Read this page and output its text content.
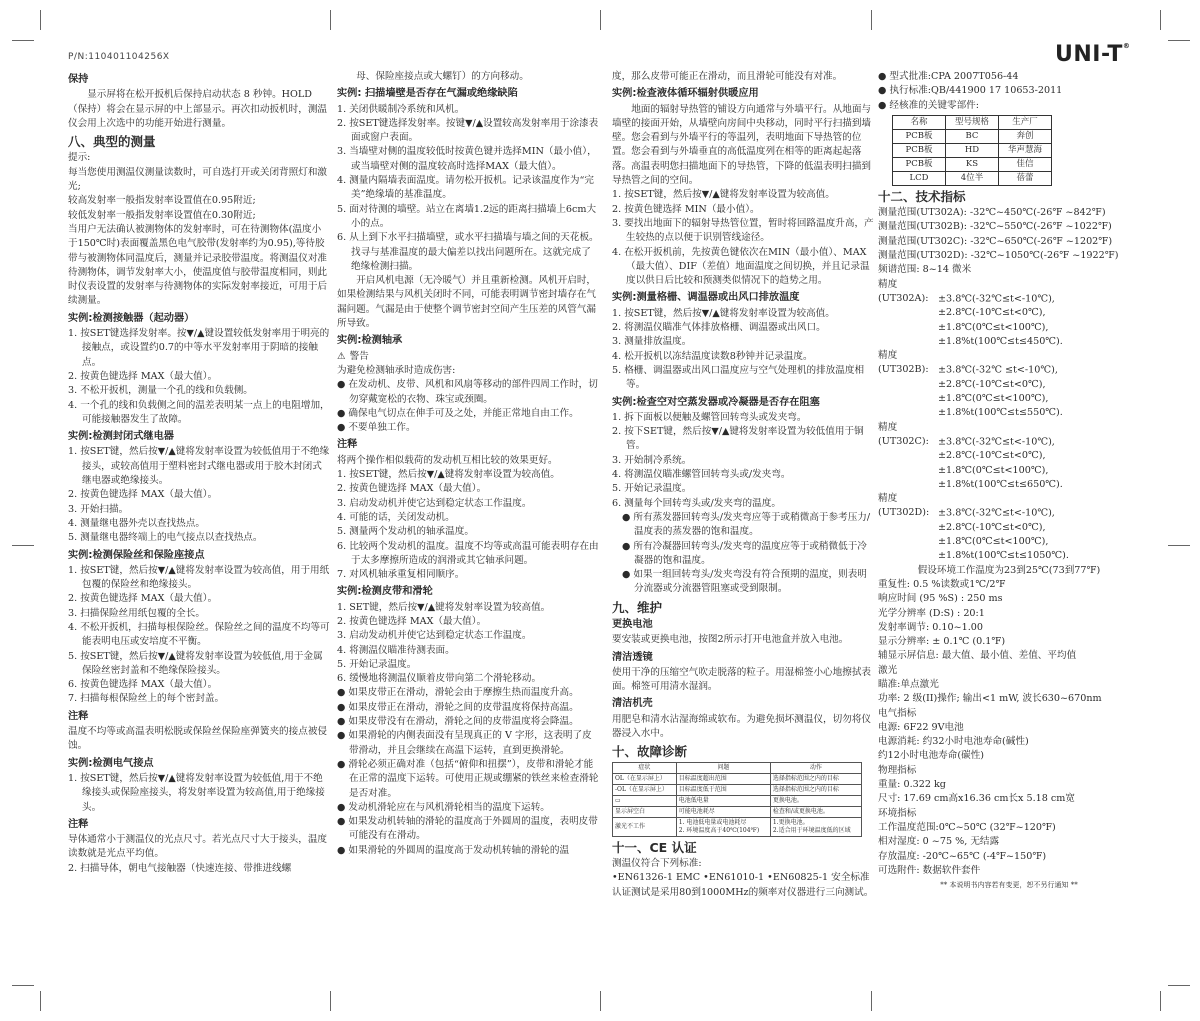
P/N:110401104256X	UNI-T®
保持

显示屏将在松开扳机后保持启动状态 8 秒钟。HOLD（保持）将会在显示屏的中上部显示。再次扣动扳机时，测温仪会用上次选中的功能开始进行测量。

八、典型的测量

提示:

每当您使用测温仪测量读数时，可自选打开或关闭背照灯和激光;

较高发射率一般指发射率设置值在0.95附近;

较低发射率一般指发射率设置值在0.30附近;

当用户无法确认被测物体的发射率时，可在待测物体(温度小于150℃时)表面覆盖黑色电气胶带(发射率约为0.95),等待胶带与被测物体同温度后，测量并记录胶带温度。将测温仪对准待测物体，调节发射率大小，使温度值与胶带温度相同，则此时仪表设置的发射率与待测物体的实际发射率接近，可用于后续测量。

实例:检测接触器（起动器）

1. 按SET键选择发射率。按▼/▲键设置较低发射率用于明亮的接触点，或设置约0.7的中等水平发射率用于阴暗的接触点。

2. 按黄色键选择 MAX（最大值）。

3. 不松开扳机，测量一个孔的线和负载侧。

4. 一个孔的线和负载侧之间的温差表明某一点上的电阻增加，可能接触器发生了故障。

实例:检测封闭式继电器

1. 按SET键，然后按▼/▲键将发射率设置为较低值用于不绝缘接头，或较高值用于塑料密封式继电器或用于胶木封闭式继电器或绝缘接头。

2. 按黄色键选择 MAX（最大值）。

3. 开始扫描。

4. 测量继电器外壳以查找热点。

5. 测量继电器终端上的电气接点以查找热点。

实例:检测保险丝和保险座接点

1. 按SET键，然后按▼/▲键将发射率设置为较高值，用于用纸包覆的保险丝和绝缘接头。

2. 按黄色键选择 MAX（最大值）。

3. 扫描保险丝用纸包覆的全长。

4. 不松开扳机，扫描每根保险丝。保险丝之间的温度不均等可能表明电压或安培度不平衡。

5. 按SET键，然后按▼/▲键将发射率设置为较低值,用于金属保险丝密封盖和不绝缘保险接头。

6. 按黄色键选择 MAX（最大值）。

7. 扫描每根保险丝上的每个密封盖。

注释

温度不均等或高温表明松脱或保险丝保险座弹簧夹的接点被侵蚀。

实例:检测电气接点

1. 按SET键，然后按▼/▲键将发射率设置为较低值,用于不绝缘接头或保险座接头，将发射率设置为较高值,用于绝缘接头。

注释

导体通常小于测温仪的光点尺寸。若光点尺寸大于接头，温度读数就是光点平均值。

2. 扫描导体，朝电气接触器（快速连接、带推进线螺

母、保险座接点或大螺钉）的方向移动。

实例: 扫描墙壁是否存在气漏或绝缘缺陷

1. 关闭供暖制冷系统和风机。

2. 按SET键选择发射率。按键▼/▲设置较高发射率用于涂漆表面或窗户表面。

3. 当墙壁对侧的温度较低时按黄色键并选择MIN（最小值），或当墙壁对侧的温度较高时选择MAX（最大值）。

4. 测量内隔墙表面温度。请勿松开扳机。记录该温度作为“完美”绝缘墙的基准温度。

5. 面对待测的墙壁。站立在离墙1.2远的距离扫描墙上6cm大小的点。

6. 从上到下水平扫描墙壁，或水平扫描墙与墙之间的天花板。找寻与基准温度的最大偏差以找出问题所在。这就完成了绝缘检测扫描。

开启风机电源（无冷暖气）并且重新检测。风机开启时，如果检测结果与风机关闭时不同，可能表明调节密封墙存在气漏问题。气漏是由于使整个调节密封空间产生压差的风管气漏所导致。

实例:检测轴承

⚠ 警告

为避免检测轴承时造成伤害:

● 在发动机、皮带、风机和风扇等移动的部件四周工作时，切勿穿戴宽松的衣物、珠宝或颈圈。

● 确保电气切点在伸手可及之处，并能正常地自由工作。

● 不要单独工作。

注释

将两个操作相似载荷的发动机互相比较的效果更好。

1. 按SET键，然后按▼/▲键将发射率设置为较高值。

2. 按黄色键选择 MAX（最大值）。

3. 启动发动机并使它达到稳定状态工作温度。

4. 可能的话，关闭发动机。

5. 测量两个发动机的轴承温度。

6. 比较两个发动机的温度。温度不均等或高温可能表明存在由于太多摩擦所造成的润滑或其它轴承问题。

7. 对风机轴承重复相同顺序。

实例:检测皮带和滑轮

1. SET键，然后按▼/▲键将发射率设置为较高值。

2. 按黄色键选择 MAX（最大值）。

3. 启动发动机并使它达到稳定状态工作温度。

4. 将测温仪瞄准待测表面。

5. 开始记录温度。

6. 缓慢地将测温仪顺着皮带向第二个滑轮移动。

● 如果皮带正在滑动，滑轮会由于摩擦生热而温度升高。

● 如果皮带正在滑动，滑轮之间的皮带温度将保持高温。

● 如果皮带没有在滑动，滑轮之间的皮带温度将会降温。

● 如果滑轮的内侧表面没有呈现真正的 V 字形，这表明了皮带滑动，并且会继续在高温下运转，直到更换滑轮。

● 滑轮必须正确对准（包括“俯仰和扭摆”），皮带和滑轮才能在正常的温度下运转。可使用正规或绷紧的铁丝来检查滑轮是否对准。

● 发动机滑轮应在与风机滑轮相当的温度下运转。

● 如果发动机转轴的滑轮的温度高于外圆周的温度，表明皮带可能没有在滑动。

● 如果滑轮的外圆周的温度高于发动机转轴的滑轮的温

度，那么皮带可能正在滑动，而且滑轮可能没有对准。

实例:检查液体循环辐射供暖应用

地面的辐射导热管的铺设方向通常与外墙平行。从地面与墙壁的接面开始，从墙壁向房间中央移动，同时平行扫描到墙壁。您会看到与外墙平行的等温列，表明地面下导热管的位置。您会看到与外墙垂直的高低温度列在相等的距离起起落落。高温表明您扫描地面下的导热管，下降的低温表明扫描到导热管之间的空间。

1. 按SET键，然后按▼/▲键将发射率设置为较高值。

2. 按黄色键选择 MIN（最小值）。

3. 要找出地面下的辐射导热管位置，暂时将回路温度升高，产生较热的点以便于识别管线途径。

4. 在松开扳机前，先按黄色键依次在MIN（最小值）、MAX（最大值）、DIF（差值）地面温度之间切换，并且记录温度以供日后比较和预测类似情况下的趋势之用。

实例:测量格栅、调温器或出风口排放温度

1. 按SET键，然后按▼/▲键将发射率设置为较高值。

2. 将测温仪瞄准气体排放格栅、调温器或出风口。

3. 测量排放温度。

4. 松开扳机以冻结温度读数8秒钟并记录温度。

5. 格栅、调温器或出风口温度应与空气处理机的排放温度相等。

实例:检查空对空蒸发器或冷凝器是否存在阻塞

1. 拆下面板以便触及螺管回转弯头或发夹弯。

2. 按下SET键，然后按▼/▲键将发射率设置为较低值用于铜管。

3. 开始制冷系统。

4. 将测温仪瞄准螺管回转弯头或/发夹弯。

5. 开始记录温度。

6. 测量每个回转弯头或/发夹弯的温度。

● 所有蒸发器回转弯头/发夹弯应等于或稍微高于参考压力/温度表的蒸发器的饱和温度。

● 所有冷凝器回转弯头/发夹弯的温度应等于或稍微低于冷凝器的饱和温度。

● 如果一组回转弯头/发夹弯没有符合预期的温度，则表明分流器或分流器管阻塞或受到限制。

九、维护
更换电池

要安装或更换电池，按图2所示打开电池盒并放入电池。

清洁透镜

使用干净的压缩空气吹走脱落的粒子。用湿棉签小心地擦拭表面。棉签可用清水湿润。

清洁机壳

用肥皂和清水沾湿海绵或软布。为避免损坏测温仪，切勿将仪器浸入水中。

十、故障诊断
症状	问题	动作
OL（在显示屏上）	目标温度超出范围	选择指标范围之内的目标
-OL（在显示屏上）	目标温度低于范围	选择指标范围之内的目标
▭	电池低电量	更换电池。
显示屏空白	可能电池耗尽	检查和/或更换电池。
激光不工作	1. 电池低电量或电池耗尽
2. 环境温度高于40℃(104℉)	1.更换电池。
2.适合用于环境温度低的区域
十一、CE 认证

测温仪符合下列标准:

•EN61326-1 EMC •EN61010-1 •EN60825-1 安全标准

认证测试是采用80到1000MHz的频率对仪器进行三向测试。

● 型式批准:CPA 2007T056-44

● 执行标准:QB/441900 17 10653-2011

● 经核准的关键零部件:

名称	型号规格	生产厂
PCB板	BC	奔创
PCB板	HD	华声慧海
PCB板	KS	佳信
LCD	4位半	蓓蕾
十二、技术指标

测量范围(UT302A): -32℃~450℃(-26℉ ~842℉)

测量范围(UT302B): -32℃~550℃(-26℉ ~1022℉)

测量范围(UT302C): -32℃~650℃(-26℉ ~1202℉)

测量范围(UT302D): -32℃~1050℃(-26℉ ~1922℉)

频谱范围: 8~14 微米

精度(UT302A): ±3.8℃(-32℃≤t<-10℃),

±2.8℃(-10℃≤t<0℃),

±1.8℃(0℃≤t<100℃),

±1.8%t(100℃≤t≤450℃).

精度(UT302B): ±3.8℃(-32℃ ≤t<-10℃),

±2.8℃(-10℃≤t<0℃),

±1.8℃(0℃≤t<100℃),

±1.8%t(100℃≤t≤550℃).

精度(UT302C): ±3.8℃(-32℃≤t<-10℃),

±2.8℃(-10℃≤t<0℃),

±1.8℃(0℃≤t<100℃),

±1.8%t(100℃≤t≤650℃).

精度(UT302D): ±3.8℃(-32℃≤t<-10℃),

±2.8℃(-10℃≤t<0℃),

±1.8℃(0℃≤t<100℃),

±1.8%t(100℃≤t≤1050℃).

假设环境工作温度为23到25℃(73到77℉)

重复性: 0.5 %读数或1℃/2℉

响应时间 (95 %S) : 250 ms

光学分辨率 (D:S) : 20:1

发射率调节: 0.10~1.00

显示分辨率: ± 0.1℃ (0.1℉)

辅显示屏信息: 最大值、最小值、差值、平均值

激光

瞄准:单点激光

功率: 2 级(II)操作; 输出<1 mW, 波长630~670nm

电气指标

电源: 6F22 9V电池

电源消耗: 约32小时电池寿命(碱性)

约12小时电池寿命(碳性)

物理指标

重量: 0.322 kg

尺寸: 17.69 cm高x16.36 cm长x 5.18 cm宽

环境指标

工作温度范围:0℃~50℃ (32℉~120℉)

相对湿度: 0 ~75 %, 无结露

存放温度: -20℃~65℃ (-4℉~150℉)

可选附件: 数据软件套件

** 本说明书内容若有变更，恕不另行通知 **
